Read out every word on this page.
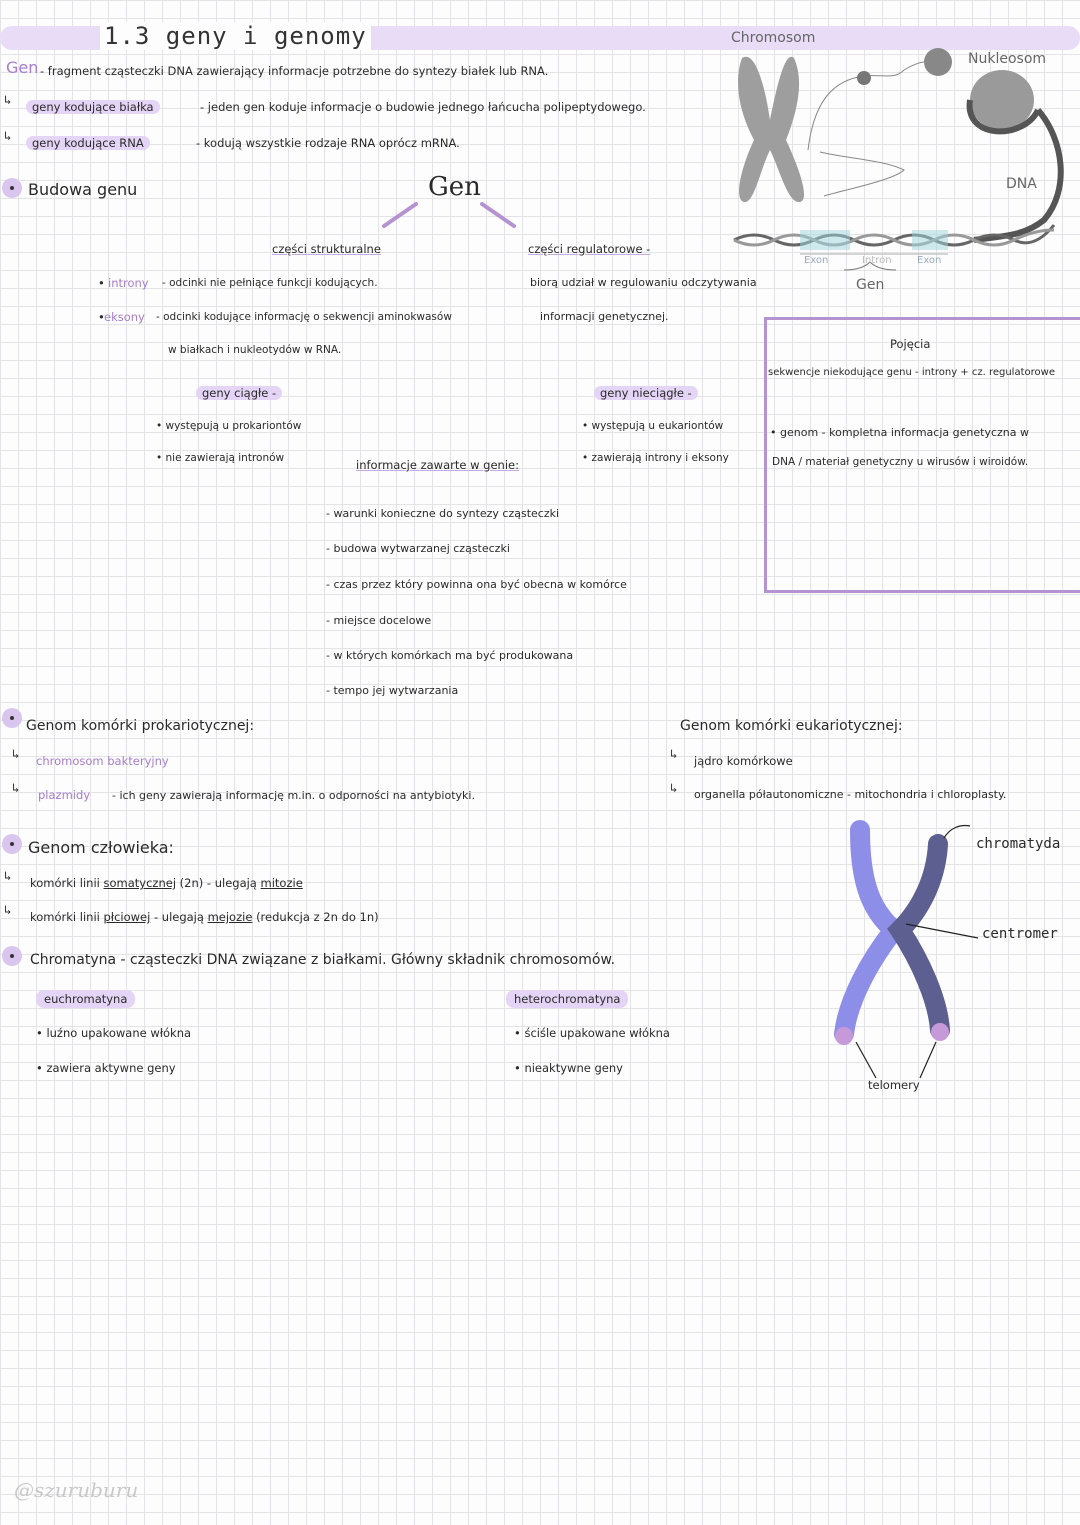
1.3 geny i genomy
Gen - fragment cząsteczki DNA zawierający informacje potrzebne do syntezy białek lub RNA.
↳	geny kodujące białka	- jeden gen koduje informacje o budowie jednego łańcucha polipeptydowego.
↳	geny kodujące RNA	- kodują wszystkie rodzaje RNA oprócz mRNA.
Chromosom
Nukleosom
DNA
Exon	Intron	Exon
Gen
Budowa genu	Gen
części strukturalne	części regulatorowe -
• introny - odcinki nie pełniące funkcji kodujących.
• eksony - odcinki kodujące informację o sekwencji aminokwasów
w białkach i nukleotydów w RNA.
biorą udział w regulowaniu odczytywania
informacji genetycznej.
geny ciągłe -
• występują u prokariontów
• nie zawierają intronów
geny nieciągłe -
• występują u eukariontów
• zawierają introny i eksony
informacje zawarte w genie:
- warunki konieczne do syntezy cząsteczki
- budowa wytwarzanej cząsteczki
- czas przez który powinna ona być obecna w komórce
- miejsce docelowe
- w których komórkach ma być produkowana
- tempo jej wytwarzania
Pojęcia
sekwencje niekodujące genu - introny + cz. regulatorowe
• genom - kompletna informacja genetyczna w
DNA / materiał genetyczny u wirusów i wiroidów.
Genom komórki prokariotycznej:
↳ chromosom bakteryjny
↳ plazmidy - ich geny zawierają informację m.in. o odporności na antybiotyki.
Genom komórki eukariotycznej:
↳ jądro komórkowe
↳ organella półautonomiczne - mitochondria i chloroplasty.
Genom człowieka:
↳ komórki linii somatycznej (2n) - ulegają mitozie
↳ komórki linii płciowej - ulegają mejozie (redukcja z 2n do 1n)
Chromatyna - cząsteczki DNA związane z białkami. Główny składnik chromosomów.
euchromatyna
• luźno upakowane włókna
• zawiera aktywne geny
heterochromatyna
• ściśle upakowane włókna
• nieaktywne geny
chromatyda
centromer
telomery
@szuruburu
